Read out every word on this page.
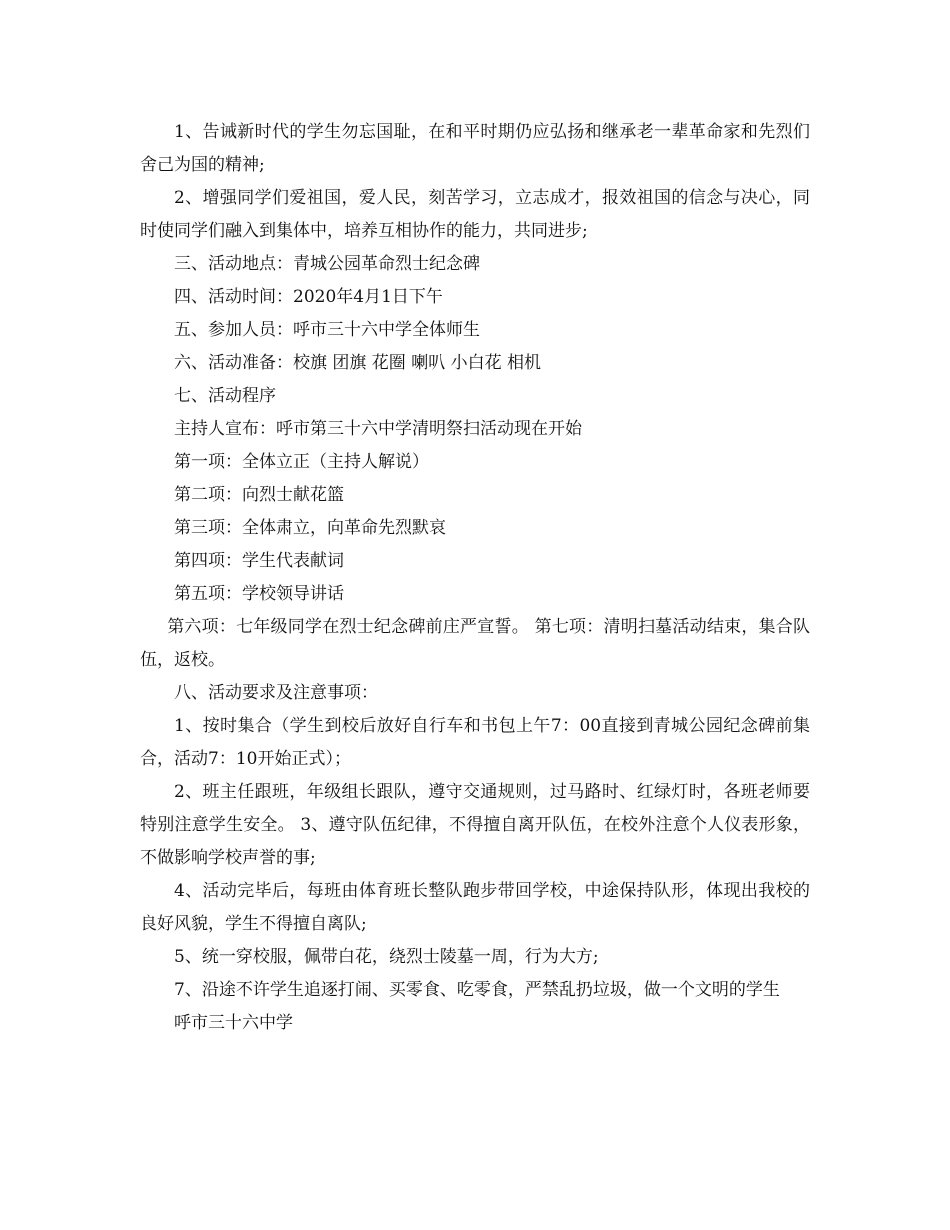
1、告诫新时代的学生勿忘国耻，在和平时期仍应弘扬和继承老一辈革命家和先烈们舍己为国的精神;

2、增强同学们爱祖国，爱人民，刻苦学习，立志成才，报效祖国的信念与决心，同时使同学们融入到集体中，培养互相协作的能力，共同进步;

三、活动地点：青城公园革命烈士纪念碑

四、活动时间：2020年4月1日下午

五、参加人员：呼市三十六中学全体师生

六、活动准备：校旗 团旗 花圈 喇叭 小白花 相机

七、活动程序

主持人宣布：呼市第三十六中学清明祭扫活动现在开始

第一项：全体立正（主持人解说）

第二项：向烈士献花篮

第三项：全体肃立，向革命先烈默哀

第四项：学生代表献词

第五项：学校领导讲话

第六项：七年级同学在烈士纪念碑前庄严宣誓。 第七项：清明扫墓活动结束，集合队伍，返校。

八、活动要求及注意事项：

1、按时集合（学生到校后放好自行车和书包上午7：00直接到青城公园纪念碑前集合，活动7：10开始正式）；

2、班主任跟班，年级组长跟队，遵守交通规则，过马路时、红绿灯时，各班老师要特别注意学生安全。 3、遵守队伍纪律，不得擅自离开队伍，在校外注意个人仪表形象，不做影响学校声誉的事;

4、活动完毕后，每班由体育班长整队跑步带回学校，中途保持队形，体现出我校的良好风貌，学生不得擅自离队;

5、统一穿校服，佩带白花，绕烈士陵墓一周，行为大方;

7、沿途不许学生追逐打闹、买零食、吃零食，严禁乱扔垃圾，做一个文明的学生

呼市三十六中学
